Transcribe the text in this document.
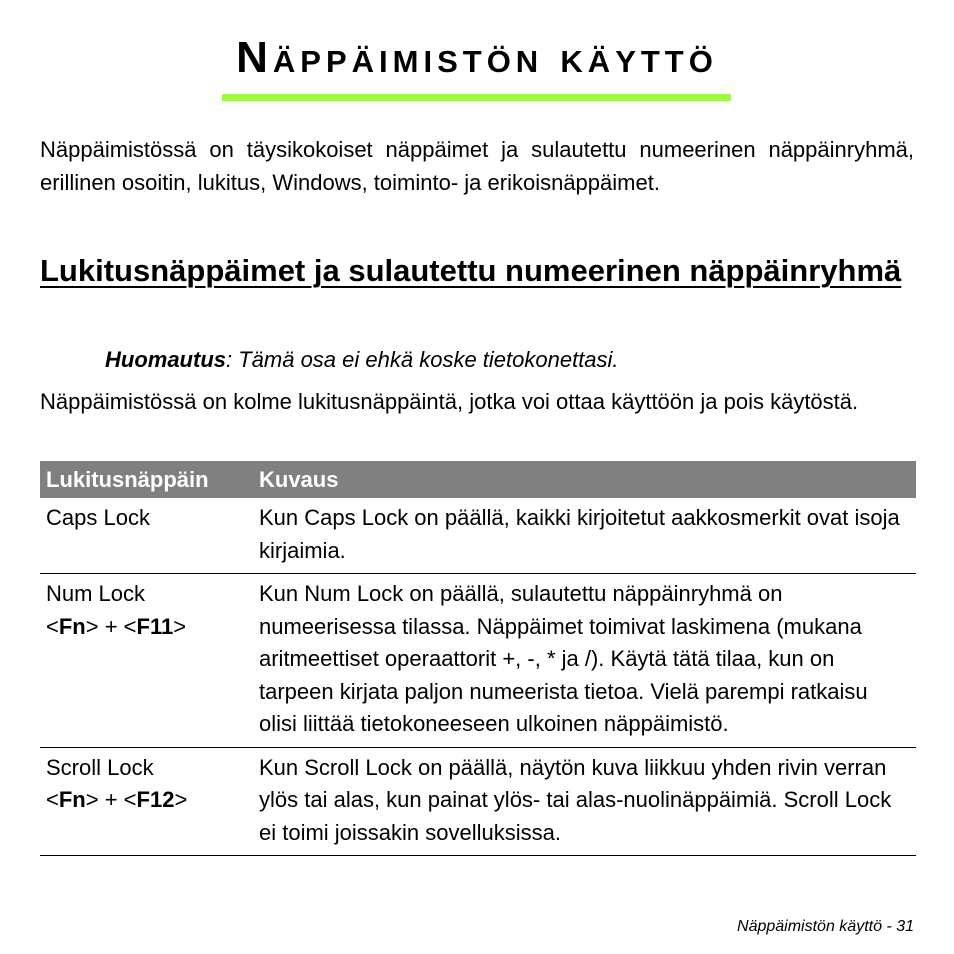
Näppäimistön käyttö

Näppäimistössä on täysikokoiset näppäimet ja sulautettu numeerinen näppäinryhmä, erillinen osoitin, lukitus, Windows, toiminto- ja erikoisnäppäimet.

Lukitusnäppäimet ja sulautettu numeerinen näppäinryhmä

Huomautus: Tämä osa ei ehkä koske tietokonettasi.

Näppäimistössä on kolme lukitusnäppäintä, jotka voi ottaa käyttöön ja pois käytöstä.

Lukitusnäppäin	Kuvaus
Caps Lock	Kun Caps Lock on päällä, kaikki kirjoitetut aakkosmerkit ovat isoja kirjaimia.
Num Lock
<Fn> + <F11>	Kun Num Lock on päällä, sulautettu näppäinryhmä on numeerisessa tilassa. Näppäimet toimivat laskimena (mukana aritmeettiset operaattorit +, -, * ja /). Käytä tätä tilaa, kun on tarpeen kirjata paljon numeerista tietoa. Vielä parempi ratkaisu olisi liittää tietokoneeseen ulkoinen näppäimistö.
Scroll Lock
<Fn> + <F12>	Kun Scroll Lock on päällä, näytön kuva liikkuu yhden rivin verran ylös tai alas, kun painat ylös- tai alas-nuolinäppäimiä. Scroll Lock ei toimi joissakin sovelluksissa.
Näppäimistön käyttö - 31
